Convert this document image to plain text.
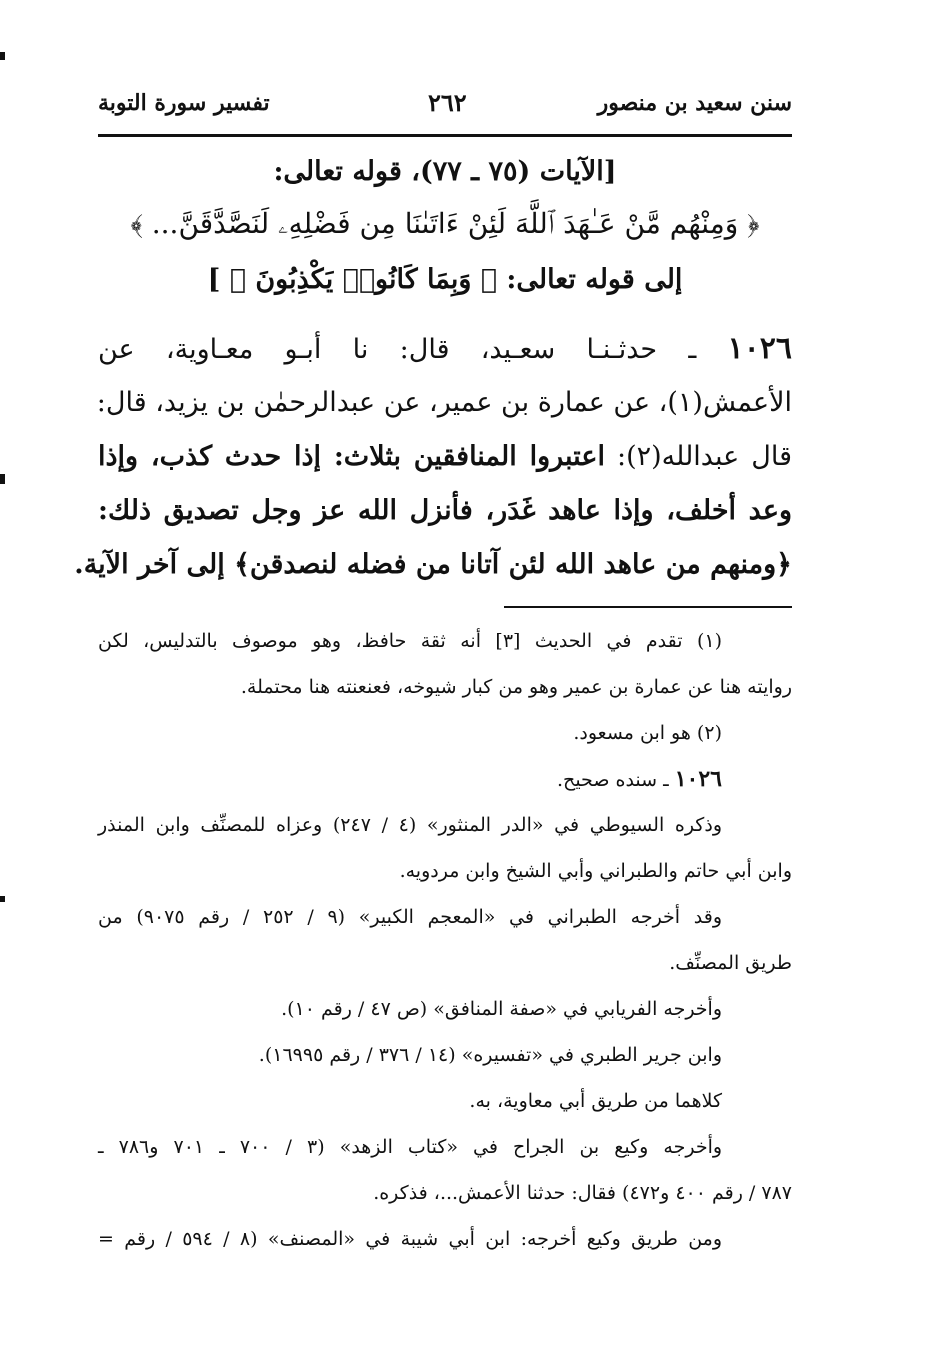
سنن سعيد بن منصور
٢٦٢
تفسير سورة التوبة
[الآيات (٧٥ ـ ٧٧)، قوله تعالى:
﴿ وَمِنْهُم مَّنْ عَـٰهَدَ ٱللَّهَ لَئِنْ ءَاتَىٰنَا مِن فَضْلِهِۦ لَنَصَّدَّقَنَّ... ﴾
إلى قوله تعالى: ﴿ وَبِمَا كَانُوا۟ يَكْذِبُونَ ﴾ ]
١٠٢٦ ـ حدثـنـا سعـيد، قال: نا أبـو معـاوية، عن
الأعمش(١)، عن عمارة بن عمير، عن عبدالرحمٰن بن يزيد، قال:
قال عبدالله(٢): اعتبروا المنافقين بثلاث: إذا حدث كذب، وإذا
وعد أخلف، وإذا عاهد غَدَر، فأنزل الله عز وجل تصديق ذلك:
﴿ومنهم من عاهد الله لئن آتانا من فضله لنصدقن﴾ إلى آخر الآية.
(١) تقدم في الحديث [٣] أنه ثقة حافظ، وهو موصوف بالتدليس، لكن
روايته هنا عن عمارة بن عمير وهو من كبار شيوخه، فعنعنته هنا محتملة.
(٢) هو ابن مسعود.
١٠٢٦ ـ سنده صحيح.
وذكره السيوطي في «الدر المنثور» (٤ / ٢٤٧) وعزاه للمصنِّف وابن المنذر
وابن أبي حاتم والطبراني وأبي الشيخ وابن مردويه.
وقد أخرجه الطبراني في «المعجم الكبير» (٩ / ٢٥٢ / رقم ٩٠٧٥) من
طريق المصنِّف.
وأخرجه الفريابي في «صفة المنافق» (ص ٤٧ / رقم ١٠).
وابن جرير الطبري في «تفسيره» (١٤ / ٣٧٦ / رقم ١٦٩٩٥).
كلاهما من طريق أبي معاوية، به.
وأخرجه وكيع بن الجراح في «كتاب الزهد» (٣ / ٧٠٠ ـ ٧٠١ و٧٨٦ ـ
٧٨٧ / رقم ٤٠٠ و٤٧٢) فقال: حدثنا الأعمش...، فذكره.
ومن طريق وكيع أخرجه: ابن أبي شيبة في «المصنف» (٨ / ٥٩٤ / رقم =
